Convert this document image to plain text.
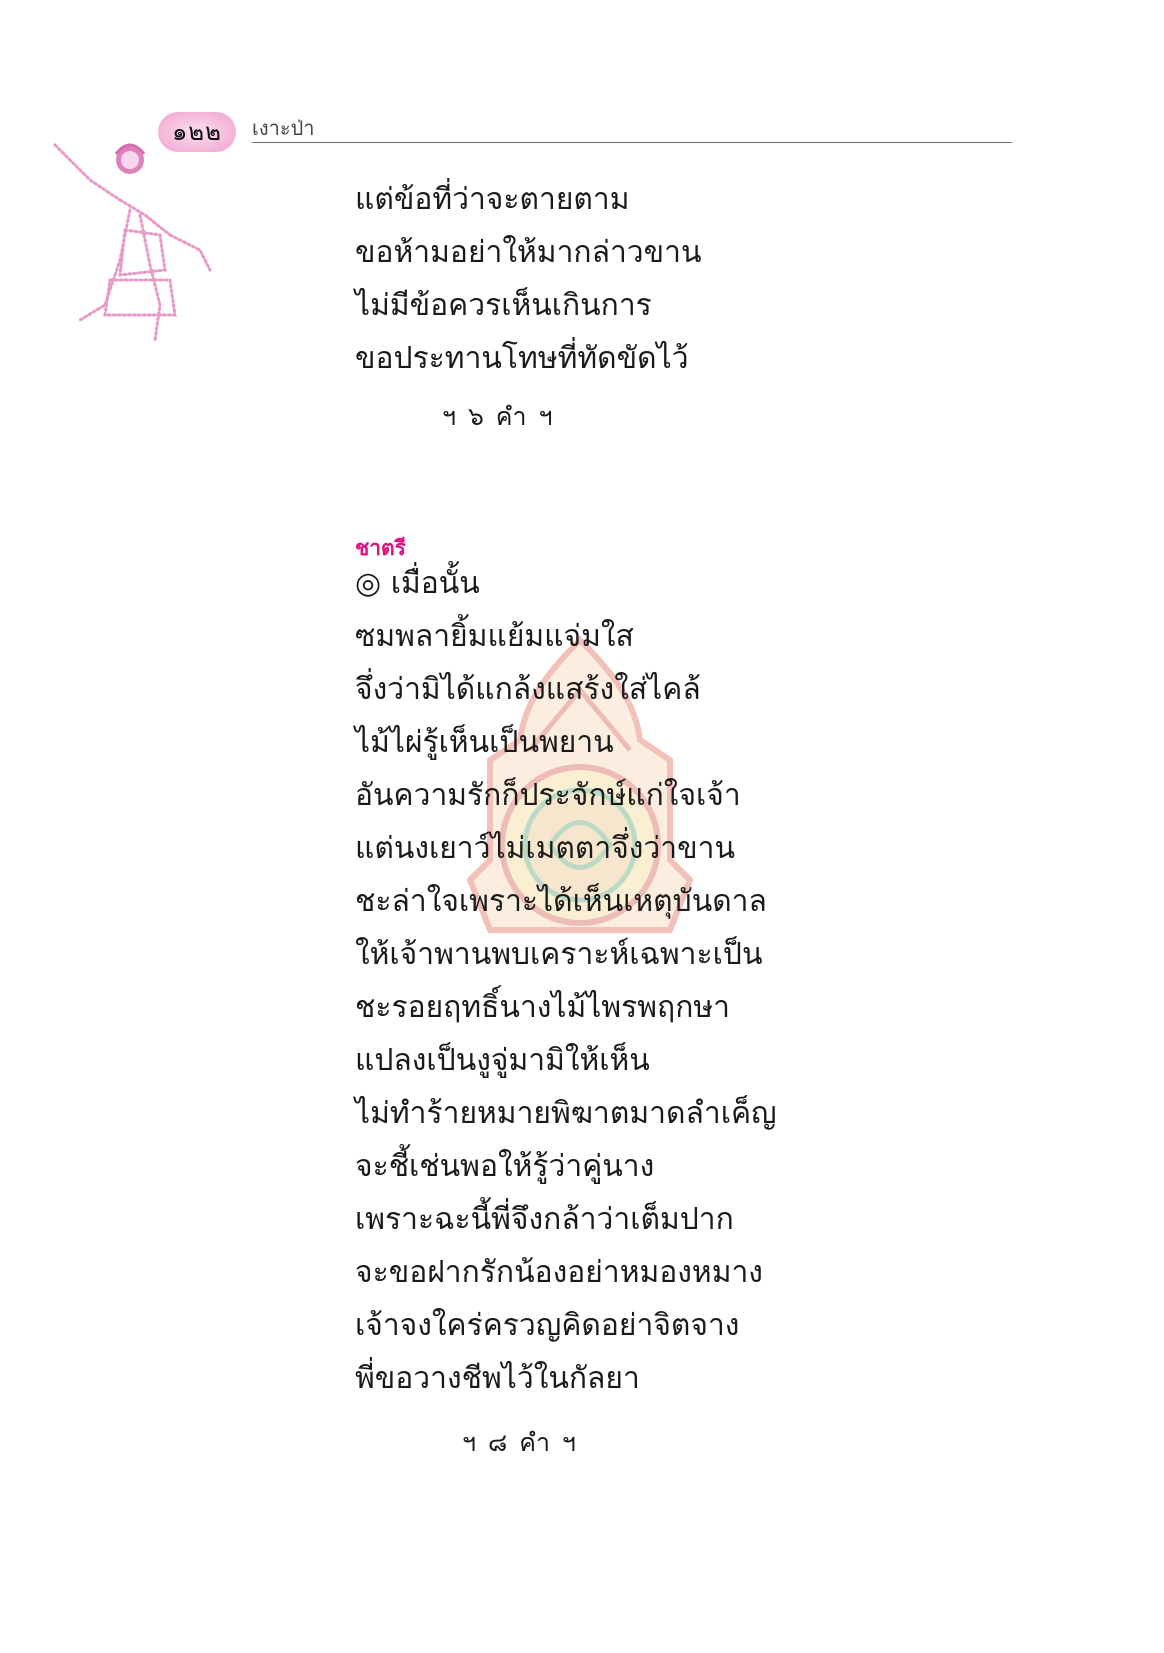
๑๒๒	เงาะป่า
แต่ข้อที่ว่าจะตายตาม
ขอห้ามอย่าให้มากล่าวขาน
ไม่มีข้อควรเห็นเกินการ
ขอประทานโทษที่ทัดขัดไว้
ฯ ๖ คำ ฯ
ชาตรี
◎ เมื่อนั้น
ซมพลายิ้มแย้มแจ่มใส
จึ่งว่ามิได้แกล้งแสร้งใส่ไคล้
ไม้ไผ่รู้เห็นเป็นพยาน
อันความรักก็ประจักษ์แก่ใจเจ้า
แต่นงเยาว์ไม่เมตตาจึ่งว่าขาน
ชะล่าใจเพราะได้เห็นเหตุบันดาล
ให้เจ้าพานพบเคราะห์เฉพาะเป็น
ชะรอยฤทธิ์นางไม้ไพรพฤกษา
แปลงเป็นงูจู่มามิให้เห็น
ไม่ทำร้ายหมายพิฆาตมาดลำเค็ญ
จะชี้เช่นพอให้รู้ว่าคู่นาง
เพราะฉะนี้พี่จึงกล้าว่าเต็มปาก
จะขอฝากรักน้องอย่าหมองหมาง
เจ้าจงใคร่ครวญคิดอย่าจิตจาง
พี่ขอวางชีพไว้ในกัลยา
ฯ ๘ คำ ฯ
